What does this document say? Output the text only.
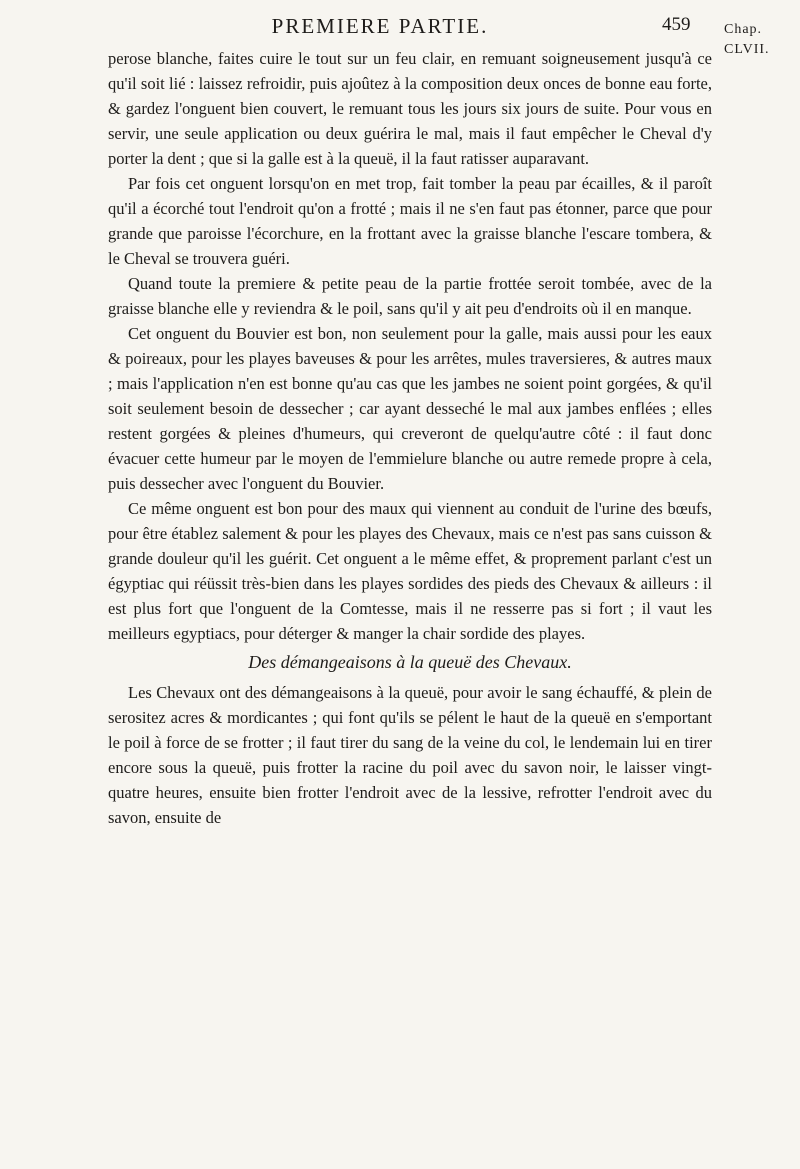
PREMIERE PARTIE.	459 Chap.
CLVII.

perose blanche, faites cuire le tout sur un feu clair, en remuant soigneusement jusqu'à ce qu'il soit lié : laissez refroidir, puis ajoûtez à la composition deux onces de bonne eau forte, & gardez l'onguent bien couvert, le remuant tous les jours six jours de suite. Pour vous en servir, une seule application ou deux guérira le mal, mais il faut empêcher le Cheval d'y porter la dent ; que si la galle est à la queuë, il la faut ratisser auparavant.

Par fois cet onguent lorsqu'on en met trop, fait tomber la peau par écailles, & il paroît qu'il a écorché tout l'endroit qu'on a frotté ; mais il ne s'en faut pas étonner, parce que pour grande que paroisse l'écorchure, en la frottant avec la graisse blanche l'escare tombera, & le Cheval se trouvera guéri.

Quand toute la premiere & petite peau de la partie frottée seroit tombée, avec de la graisse blanche elle y reviendra & le poil, sans qu'il y ait peu d'endroits où il en manque.

Cet onguent du Bouvier est bon, non seulement pour la galle, mais aussi pour les eaux & poireaux, pour les playes baveuses & pour les arrêtes, mules traversieres, & autres maux ; mais l'application n'en est bonne qu'au cas que les jambes ne soient point gorgées, & qu'il soit seulement besoin de dessecher ; car ayant desseché le mal aux jambes enflées ; elles restent gorgées & pleines d'humeurs, qui creveront de quelqu'autre côté : il faut donc évacuer cette humeur par le moyen de l'emmielure blanche ou autre remede propre à cela, puis dessecher avec l'onguent du Bouvier.

Ce même onguent est bon pour des maux qui viennent au conduit de l'urine des bœufs, pour être établez salement & pour les playes des Chevaux, mais ce n'est pas sans cuisson & grande douleur qu'il les guérit. Cet onguent a le même effet, & proprement parlant c'est un égyptiac qui réüssit très-bien dans les playes sordides des pieds des Chevaux & ailleurs : il est plus fort que l'onguent de la Comtesse, mais il ne resserre pas si fort ; il vaut les meilleurs egyptiacs, pour déterger & manger la chair sordide des playes.

Des démangeaisons à la queuë des Chevaux.

Les Chevaux ont des démangeaisons à la queuë, pour avoir le sang échauffé, & plein de serositez acres & mordicantes ; qui font qu'ils se pélent le haut de la queuë en s'emportant le poil à force de se frotter ; il faut tirer du sang de la veine du col, le lendemain lui en tirer encore sous la queuë, puis frotter la racine du poil avec du savon noir, le laisser vingt-quatre heures, ensuite bien frotter l'endroit avec de la lessive, refrotter l'endroit avec du savon, ensuite de
